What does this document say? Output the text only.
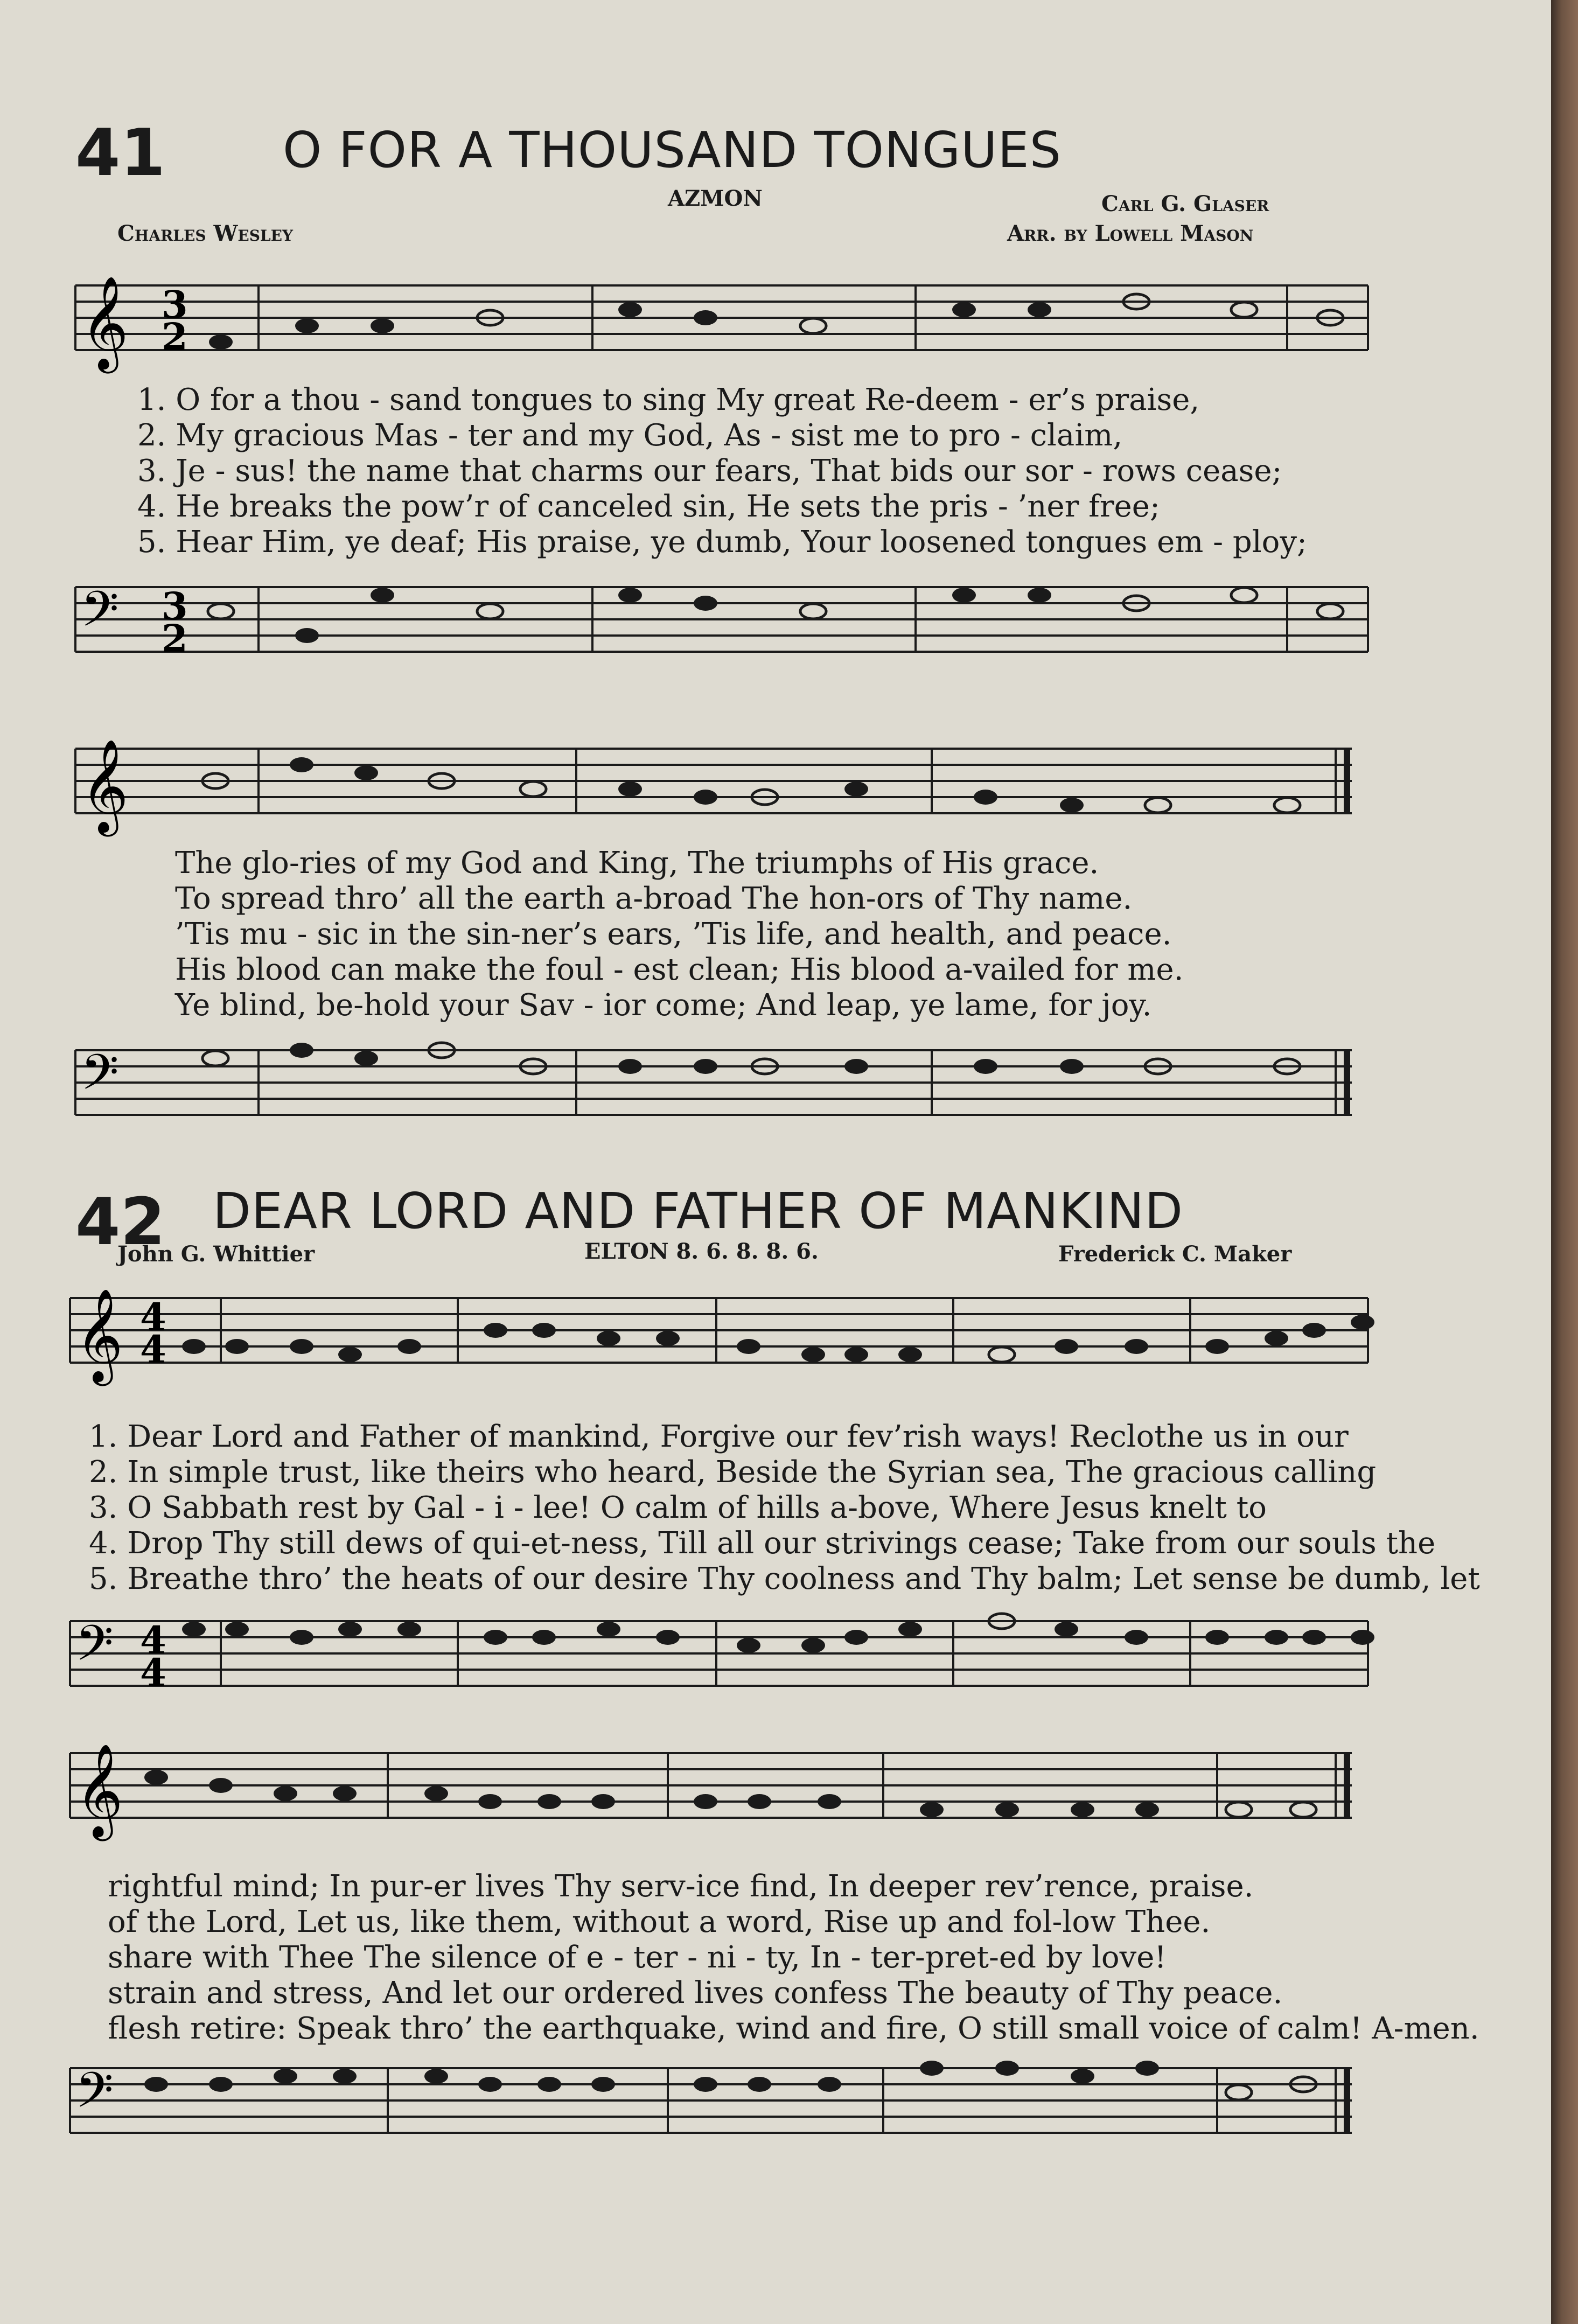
41 O FOR A THOUSAND TONGUES
AZMON	Carl G. Glaser
Charles Wesley	Arr. by Lowell Mason
𝄞 3
2
1. O for a thou - sand tongues to sing My great Re-deem - er’s praise,
2. My gracious Mas - ter and my God, As - sist me to pro - claim,
3. Je - sus! the name that charms our fears, That bids our sor - rows cease;
4. He breaks the pow’r of canceled sin, He sets the pris - ’ner free;
5. Hear Him, ye deaf; His praise, ye dumb, Your loosened tongues em - ploy;
𝄢 3
2
𝄞
The glo-ries of my God and King, The triumphs of His grace.
To spread thro’ all the earth a-broad The hon-ors of Thy name.
’Tis mu - sic in the sin-ner’s ears, ’Tis life, and health, and peace.
His blood can make the foul - est clean; His blood a-vailed for me.
Ye blind, be-hold your Sav - ior come; And leap, ye lame, for joy.
𝄢
42 DEAR LORD AND FATHER OF MANKIND
John G. Whittier	ELTON 8. 6. 8. 8. 6.	Frederick C. Maker
𝄞 4
4
1. Dear Lord and Father of mankind, Forgive our fev’rish ways! Reclothe us in our
2. In simple trust, like theirs who heard, Beside the Syrian sea, The gracious calling
3. O Sabbath rest by Gal - i - lee! O calm of hills a-bove, Where Jesus knelt to
4. Drop Thy still dews of qui-et-ness, Till all our strivings cease; Take from our souls the
5. Breathe thro’ the heats of our desire Thy coolness and Thy balm; Let sense be dumb, let
𝄢 4
4
𝄞
rightful mind; In pur-er lives Thy serv-ice find, In deeper rev’rence, praise.
of the Lord, Let us, like them, without a word, Rise up and fol-low Thee.
share with Thee The silence of e - ter - ni - ty, In - ter-pret-ed by love!
strain and stress, And let our ordered lives confess The beauty of Thy peace.
flesh retire: Speak thro’ the earthquake, wind and fire, O still small voice of calm! A-men.
𝄢
